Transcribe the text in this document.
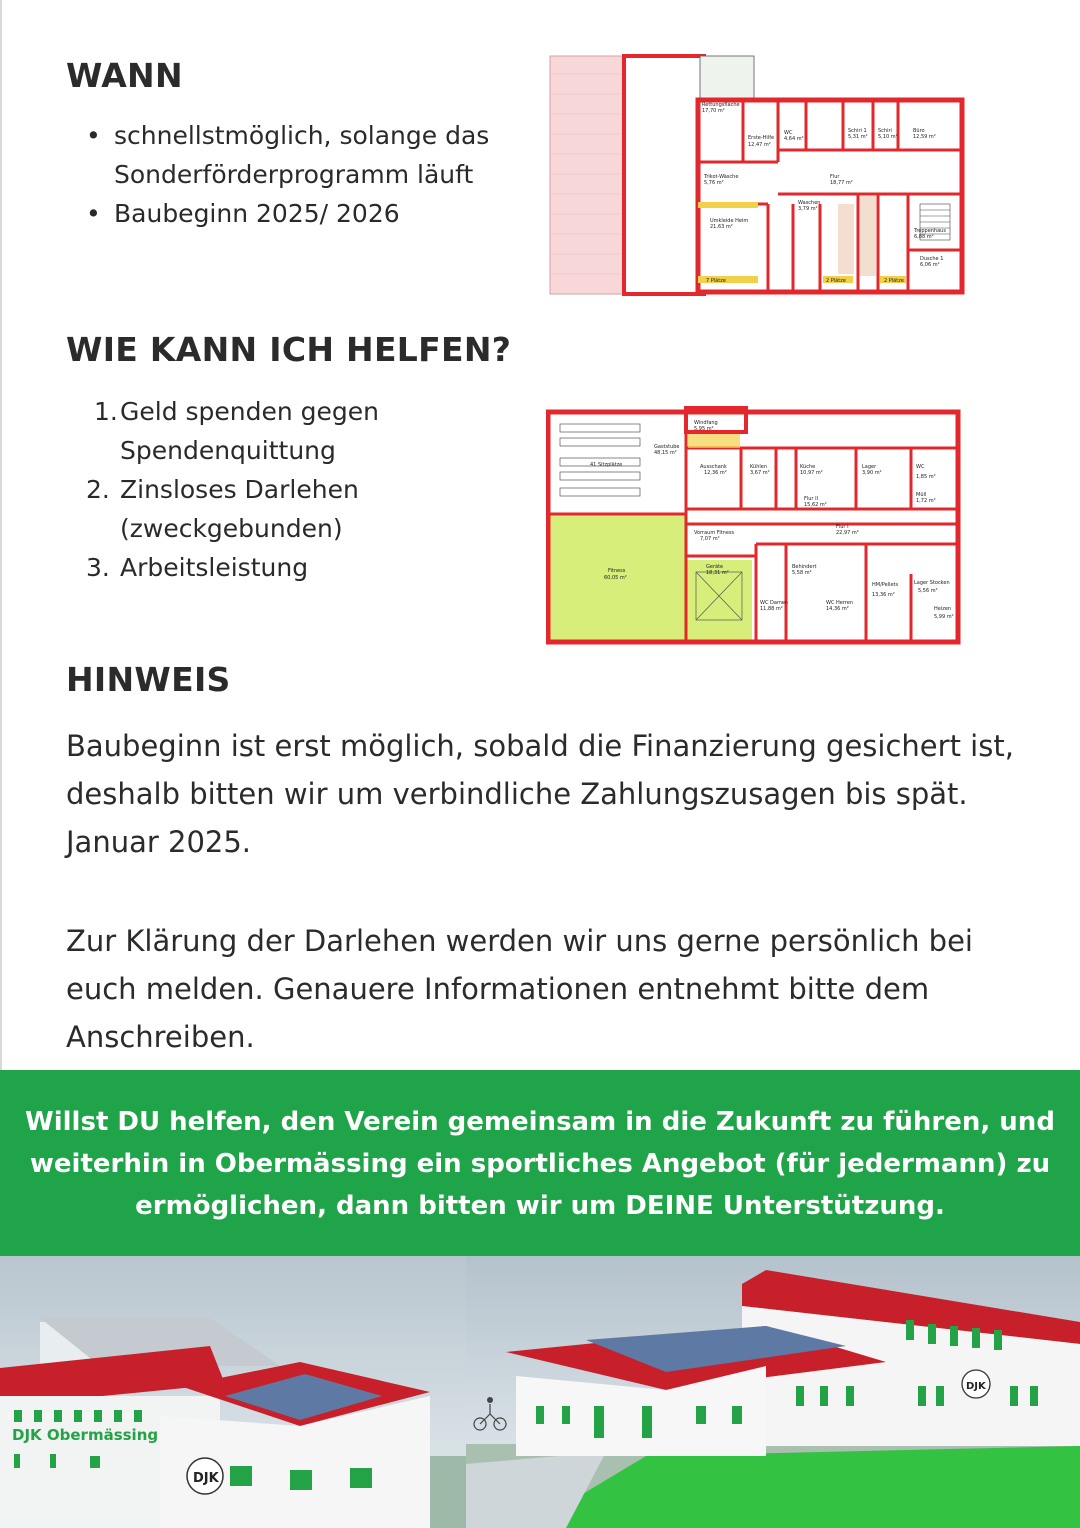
WANN
• schnellstmöglich, solange das Sonderförderprogramm läuft
• Baubeginn 2025/ 2026
Rettungsfläche
17,70 m²
Erste-Hilfe
12,47 m²
WC
4,64 m²
Schiri 1
5,31 m²
Schiri
5,10 m²
Büro
12,59 m²
Trikot-Wäsche
5,76 m²
Flur
18,77 m²
Waschen
3,79 m²
Umkleide Heim
21,63 m²
Treppenhaus
6,88 m²
Dusche 1
6,06 m²
7 Plätze	2 Plätze	2 Plätze
WIE KANN ICH HELFEN?
1. Geld spenden gegen Spendenquittung
2. Zinsloses Darlehen (zweckgebunden)
3. Arbeitsleistung
Windfang
5,95 m²
Gaststube
48,15 m²
41 Sitzplätze	Ausschank
12,36 m²
Kühlen
3,67 m²
Küche
10,97 m²
Lager
3,90 m²
WC
1,85 m²
Müll
1,72 m²
Flur II
15,62 m²
Flur I
22,97 m²
Vorraum Fitness
7,07 m²
Fitness
60,05 m²
Geräte
18,31 m²
Behindert
5,58 m²
HM/Pellets
13,36 m²
Lager Stocken
5,56 m²
WC Damen
11,88 m²
WC Herren
14,36 m²	Heizen
5,99 m²
HINWEIS

Baubeginn ist erst möglich, sobald die Finanzierung gesichert ist, deshalb bitten wir um verbindliche Zahlungszusagen bis spät. Januar 2025.

Zur Klärung der Darlehen werden wir uns gerne persönlich bei euch melden. Genauere Informationen entnehmt bitte dem Anschreiben.

Willst DU helfen, den Verein gemeinsam in die Zukunft zu führen, und weiterhin in Obermässing ein sportliches Angebot (für jedermann) zu ermöglichen, dann bitten wir um DEINE Unterstützung.

DJK Obermässing
DJK
DJK
